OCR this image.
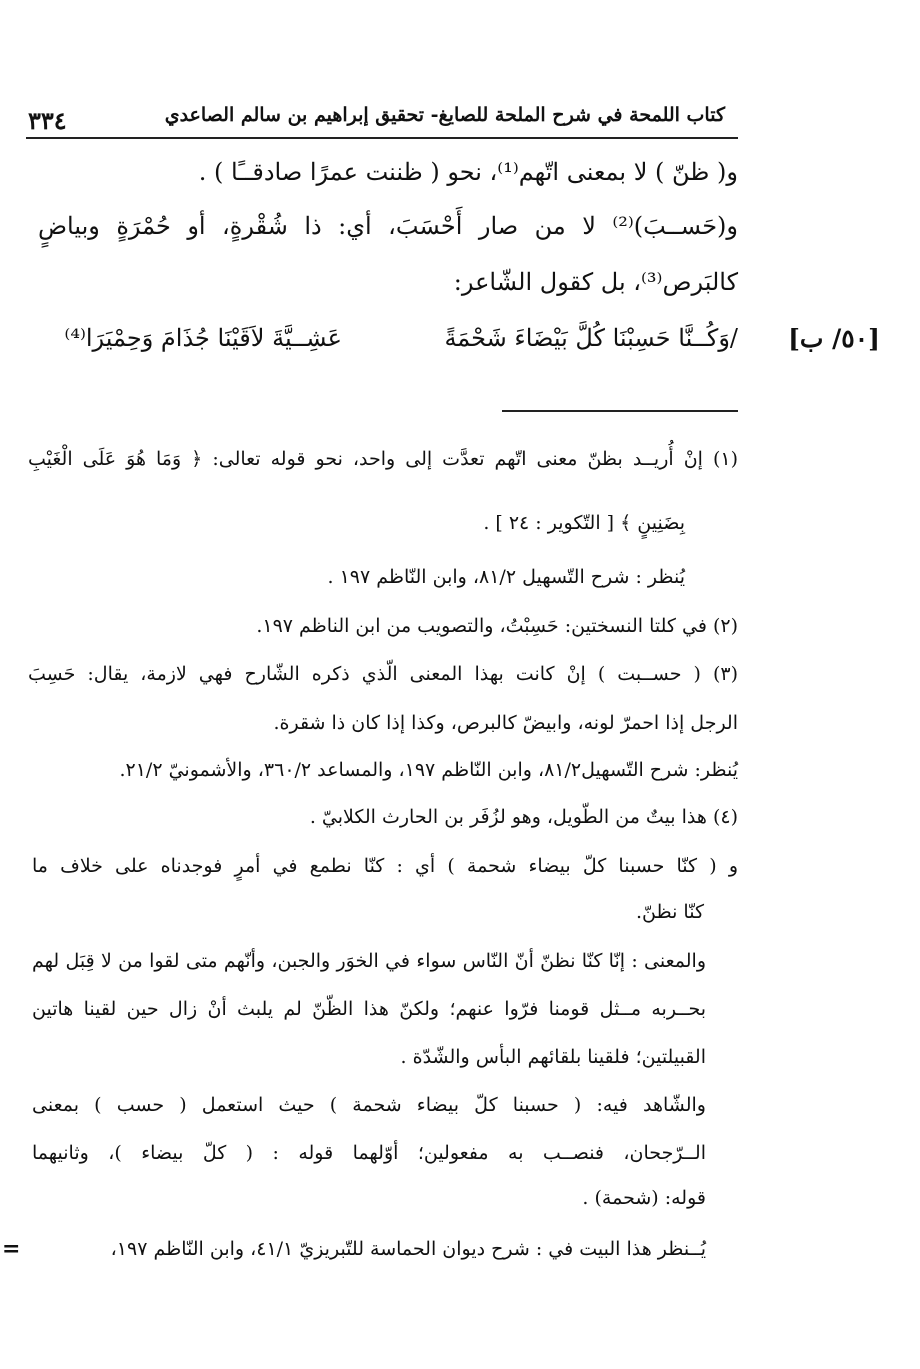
كتاب اللمحة في شرح الملحة للصايغ- تحقيق إبراهيم بن سالم الصاعدي
٣٣٤
و( ظنّ ) لا بمعنى اتّهم⁽¹⁾، نحو ( ظننت عمرًا صادقــًا ) .
و(حَســبَ)⁽²⁾ لا من صار أَحْسَبَ، أي: ذا شُقْرةٍ، أو حُمْرَةٍ وبياضٍ
كالبَرص⁽³⁾، بل كقول الشّاعر:
/وَكُــنَّا حَسِبْنَا كُلَّ بَيْضَاءَ شَحْمَةً
عَشِــيَّةَ لاَقَيْنَا جُذَامَ وَحِمْيَرَا⁽⁴⁾	[٥٠/ ب]
(١) إنْ أُريــد بظنّ معنى اتّهم تعدَّت إلى واحد، نحو قوله تعالى: ﴿ وَمَا هُوَ عَلَى الْغَيْبِ
بِضَنِينٍ ﴾ [ التّكوير : ٢٤ ] .
يُنظر : شرح التّسهيل ٨١/٢، وابن النّاظم ١٩٧ .
(٢) في كلتا النسختين: حَسِبْتُ، والتصويب من ابن الناظم ١٩٧.
(٣) ( حســبت ) إنْ كانت بهذا المعنى الّذي ذكره الشّارح فهي لازمة، يقال: حَسِبَ
الرجل إذا احمرّ لونه، وابيضّ كالبرص، وكذا إذا كان ذا شقرة.
يُنظر: شرح التّسهيل٨١/٢، وابن النّاظم ١٩٧، والمساعد ٣٦٠/٢، والأشمونيّ ٢١/٢.
(٤) هذا بيتٌ من الطّويل، وهو لزُفَر بن الحارث الكلابيّ .
و ( كنّا حسبنا كلّ بيضاء شحمة ) أي : كنّا نطمع في أمرٍ فوجدناه على خلاف ما
كنّا نظنّ.
والمعنى : إنّا كنّا نظنّ أنّ النّاس سواء في الخوَر والجبن، وأنّهم متى لقوا من لا قِبَل لهم
بحــربه مــثل قومنا فرّوا عنهم؛ ولكنّ هذا الظّنّ لم يلبث أنْ زال حين لقينا هاتين
القبيلتين؛ فلقينا بلقائهم البأس والشّدّة .
والشّاهد فيه: ( حسبنا كلّ بيضاء شحمة ) حيث استعمل ( حسب ) بمعنى
الــرّجحان، فنصــب به مفعولين؛ أوّلهما قوله : ( كلّ بيضاء )، وثانيهما
قوله: (شحمة) .
يُــنظر هذا البيت في : شرح ديوان الحماسة للتّبريزيّ ٤١/١، وابن النّاظم ١٩٧،
=
